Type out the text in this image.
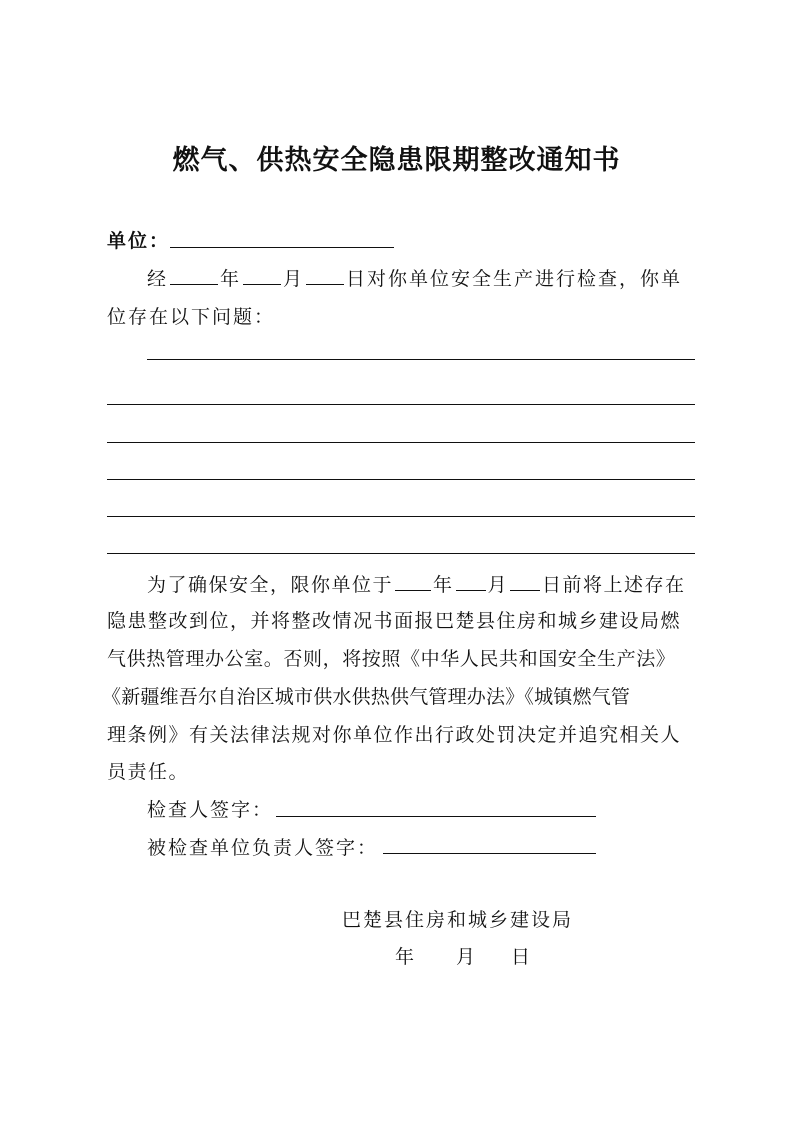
燃气、供热安全隐患限期整改通知书
单位：
经	年 月 日对你单位安全生产进行检查，你单
位存在以下问题：
为了确保安全，限你单位于 年 月 日前将上述存在
隐患整改到位，并将整改情况书面报巴楚县住房和城乡建设局燃
气供热管理办公室。否则，将按照《中华人民共和国安全生产法》
《新疆维吾尔自治区城市供水供热供气管理办法》《城镇燃气管
理条例》有关法律法规对你单位作出行政处罚决定并追究相关人
员责任。
检查人签字：
被检查单位负责人签字：
巴楚县住房和城乡建设局
年 月 日
